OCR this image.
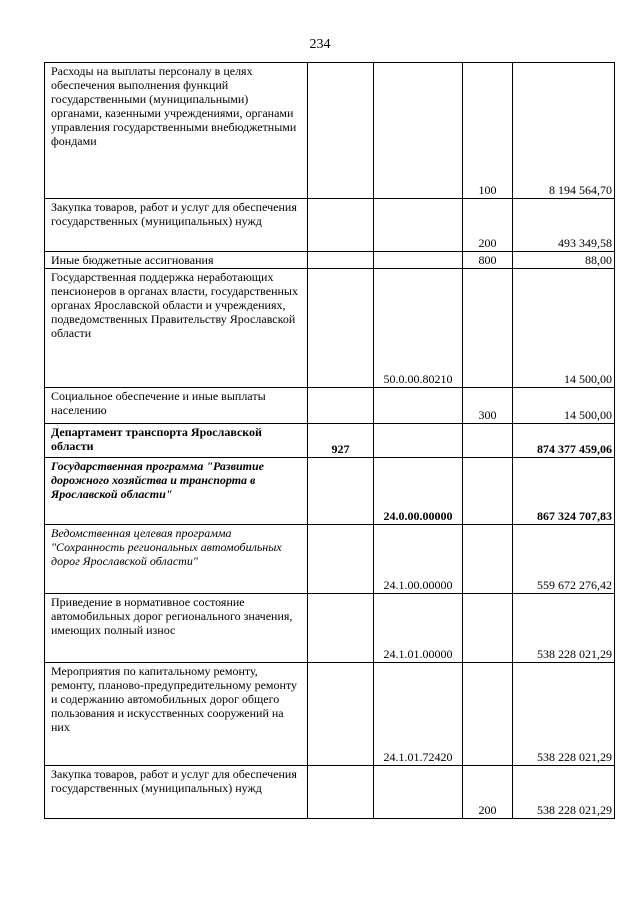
234
Расходы на выплаты персоналу в целях обеспечения выполнения функций государственными (муниципальными) органами, казенными учреждениями, органами управления государственными внебюджетными фондами			100	8 194 564,70
Закупка товаров, работ и услуг для обеспечения государственных (муниципальных) нужд			200	493 349,58
Иные бюджетные ассигнования			800	88,00
Государственная поддержка неработающих пенсионеров в органах власти, государственных органах Ярославской области и учреждениях, подведомственных Правительству Ярославской области		50.0.00.80210		14 500,00
Социальное обеспечение и иные выплаты населению			300	14 500,00
Департамент транспорта Ярославской области	927			874 377 459,06
Государственная программа "Развитие дорожного хозяйства и транспорта в Ярославской области"		24.0.00.00000		867 324 707,83
Ведомственная целевая программа "Сохранность региональных автомобильных дорог Ярославской области"		24.1.00.00000		559 672 276,42
Приведение в нормативное состояние автомобильных дорог регионального значения, имеющих полный износ		24.1.01.00000		538 228 021,29
Мероприятия по капитальному ремонту, ремонту, планово-предупредительному ремонту и содержанию автомобильных дорог общего пользования и искусственных сооружений на них		24.1.01.72420		538 228 021,29
Закупка товаров, работ и услуг для обеспечения государственных (муниципальных) нужд			200	538 228 021,29
